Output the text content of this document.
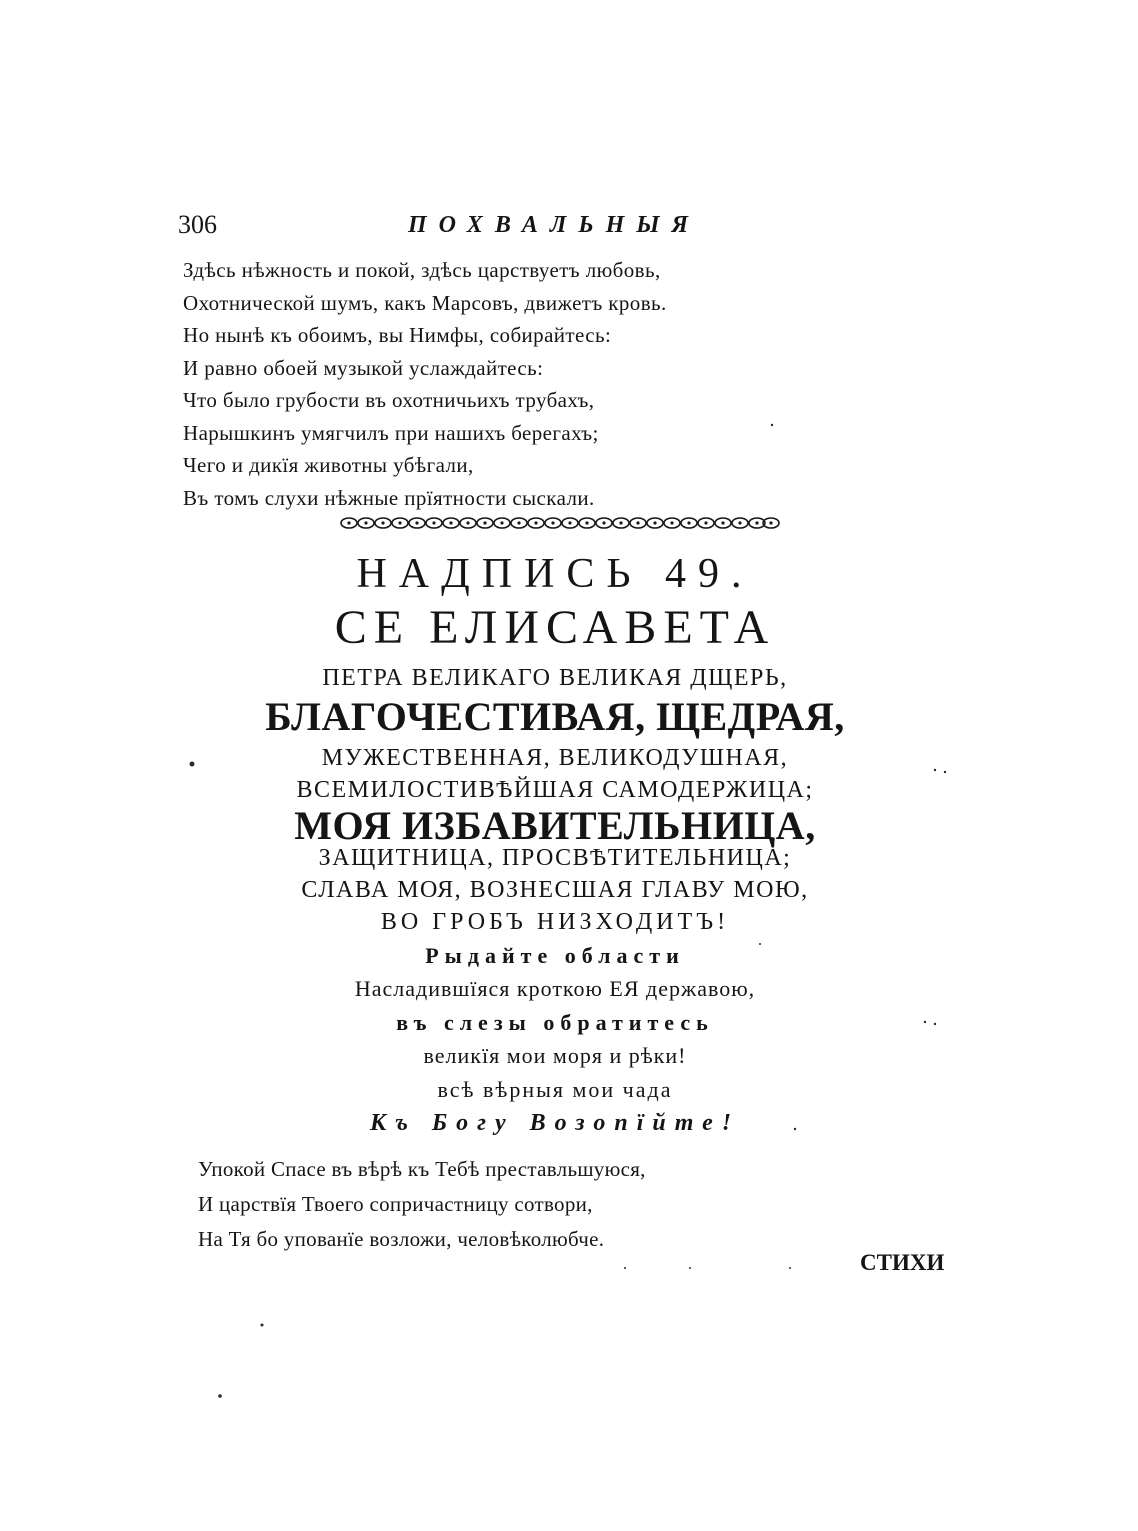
306	ПОХВАЛЬНЫЯ
Здѣсь нѣжность и покой, здѣсь царствуетъ любовь,
Охотнической шумъ, какъ Марсовъ, движетъ кровь.
Но нынѣ къ обоимъ, вы Нимфы, собирайтесь:
И равно обоей музыкой услаждайтесь:
Что было грубости въ охотничьихъ трубахъ,
Нарышкинъ умягчилъ при нашихъ берегахъ;
Чего и дикїя животны убѣгали,
Въ томъ слухи нѣжные прїятности сыскали.
НАДПИСЬ 49.
СЕ ЕЛИСАВЕТА
ПЕТРА ВЕЛИКАГО ВЕЛИКАЯ ДЩЕРЬ,
БЛАГОЧЕСТИВАЯ, ЩЕДРАЯ,
МУЖЕСТВЕННАЯ, ВЕЛИКОДУШНАЯ,
ВСЕМИЛОСТИВѢЙШАЯ САМОДЕРЖИЦА;
МОЯ ИЗБАВИТЕЛЬНИЦА,
ЗАЩИТНИЦА, ПРОСВѢТИТЕЛЬНИЦА;
СЛАВА МОЯ, ВОЗНЕСШАЯ ГЛАВУ МОЮ,
ВО ГРОБЪ НИЗХОДИТЪ!
Рыдайте области
Насладившїяся кроткою ЕЯ державою,
въ слезы обратитесь
великїя мои моря и рѣки!
всѣ вѣрныя мои чада
Къ Богу Возопїйте!
Упокой Спасе въ вѣрѣ къ Тебѣ преставльшуюся,
И царствїя Твоего сопричастницу сотвори,
На Тя бо упованїе возложи, человѣколюбче.
СТИХИ
